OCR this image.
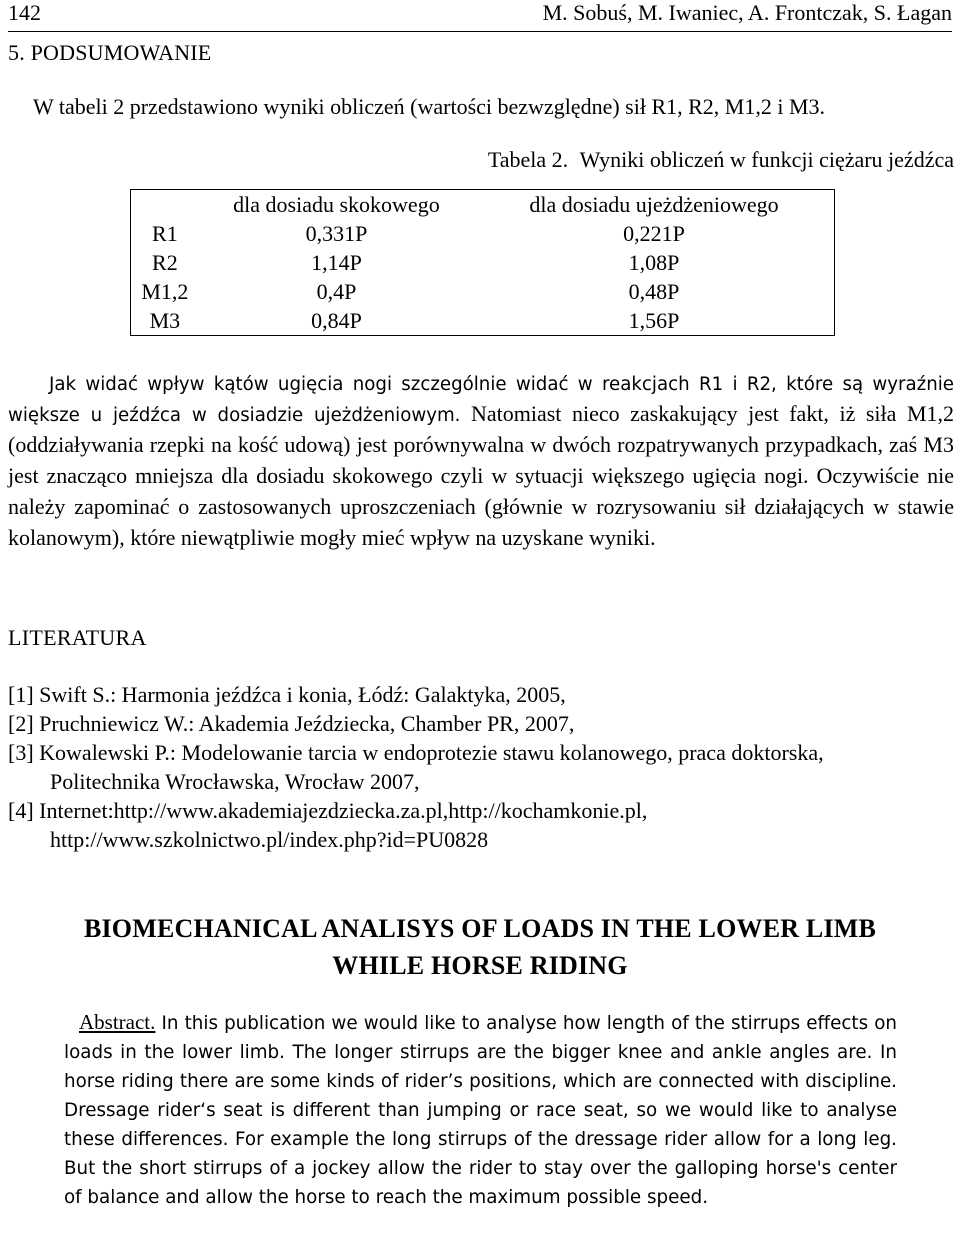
142	M. Sobuś, M. Iwaniec, A. Frontczak, S. Łagan
5. PODSUMOWANIE
W tabeli 2 przedstawiono wyniki obliczeń (wartości bezwzględne) sił R1, R2, M1,2 i M3.
Tabela 2. Wyniki obliczeń w funkcji ciężaru jeźdźca
	dla dosiadu skokowego	dla dosiadu ujeżdżeniowego
R1	0,331P	0,221P
R2	1,14P	1,08P
M1,2	0,4P	0,48P
M3	0,84P	1,56P

Jak widać wpływ kątów ugięcia nogi szczególnie widać w reakcjach R1 i R2, które są wyraźnie większe u jeźdźca w dosiadzie ujeżdżeniowym. Natomiast nieco zaskakujący jest fakt, iż siła M1,2 (oddziaływania rzepki na kość udową) jest porównywalna w dwóch rozpatrywanych przypadkach, zaś M3 jest znacząco mniejsza dla dosiadu skokowego czyli w sytuacji większego ugięcia nogi. Oczywiście nie należy zapominać o zastosowanych uproszczeniach (głównie w rozrysowaniu sił działających w stawie kolanowym), które niewątpliwie mogły mieć wpływ na uzyskane wyniki.

LITERATURA
[1] Swift S.: Harmonia jeźdźca i konia, Łódź: Galaktyka, 2005,
[2] Pruchniewicz W.: Akademia Jeździecka, Chamber PR, 2007,
[3] Kowalewski P.: Modelowanie tarcia w endoprotezie stawu kolanowego, praca doktorska,
Politechnika Wrocławska, Wrocław 2007,
[4] Internet:http://www.akademiajezdziecka.za.pl,http://kochamkonie.pl,
http://www.szkolnictwo.pl/index.php?id=PU0828
BIOMECHANICAL ANALISYS OF LOADS IN THE LOWER LIMB
WHILE HORSE RIDING

Abstract. In this publication we would like to analyse how length of the stirrups effects on loads in the lower limb. The longer stirrups are the bigger knee and ankle angles are. In horse riding there are some kinds of rider’s positions, which are connected with discipline. Dressage rider‘s seat is different than jumping or race seat, so we would like to analyse these differences. For example the long stirrups of the dressage rider allow for a long leg. But the short stirrups of a jockey allow the rider to stay over the galloping horse's center of balance and allow the horse to reach the maximum possible speed.
